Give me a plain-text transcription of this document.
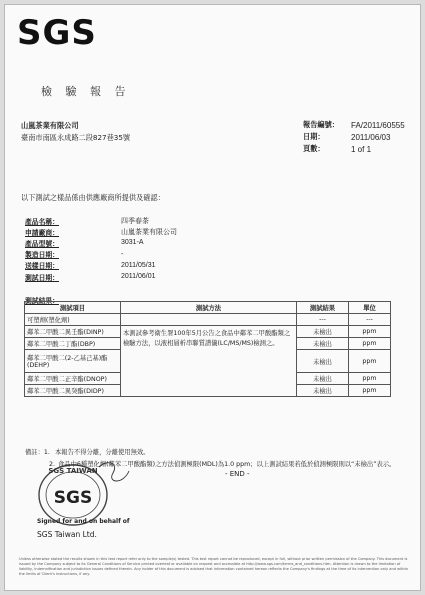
SGS
檢 驗 報 告
山嵐茶業有限公司
臺南市南區永成路二段827巷35號
報告編號：	FA/2011/60555
日期：	2011/06/03
頁數：	1 of 1
以下測試之樣品係由供應廠商所提供及確認：
產品名稱：	四季春茶
申請廠商：	山嵐茶業有限公司
產品型號：	3031-A
製造日期：	-
送樣日期：	2011/05/31
測試日期：	2011/06/01
測試結果：
測試項目	測試方法	測試結果	單位
可塑劑(塑化劑)		---	---
鄰苯二甲酸二異壬酯(DINP)	本測試參考衛生署100年5月公告之食品中鄰苯二甲酸酯類之檢驗方法，以液相層析串聯質譜儀(LC/MS/MS)檢測之。	未檢出	ppm
鄰苯二甲酸二丁酯(DBP)		未檢出	ppm
鄰苯二甲酸二(2-乙基己基)酯(DEHP)		未檢出	ppm
鄰苯二甲酸二正辛酯(DNOP)		未檢出	ppm
鄰苯二甲酸二異癸酯(DIDP)		未檢出	ppm
SGS TAIWAN
SGS
Signed for and on behalf of
SGS Taiwan Ltd.
備註：1. 本報告不得分離，分離使用無效。
2. 食品中6種塑化劑(鄰苯二甲酸酯類)之方法偵測極限(MDL)為1.0 ppm；以上測試結果若低於偵測極限則以“未檢出”表示。
- END -
Unless otherwise stated the results shown in this test report refer only to the sample(s) tested. This test report cannot be reproduced, except in full, without prior written permission of the Company. This document is issued by the Company subject to its General Conditions of Service printed overleaf or available on request and accessible at http://www.sgs.com/terms_and_conditions.htm. Attention is drawn to the limitation of liability, indemnification and jurisdiction issues defined therein. Any holder of this document is advised that information contained hereon reflects the Company's findings at the time of its intervention only and within the limits of Client's instructions, if any.
